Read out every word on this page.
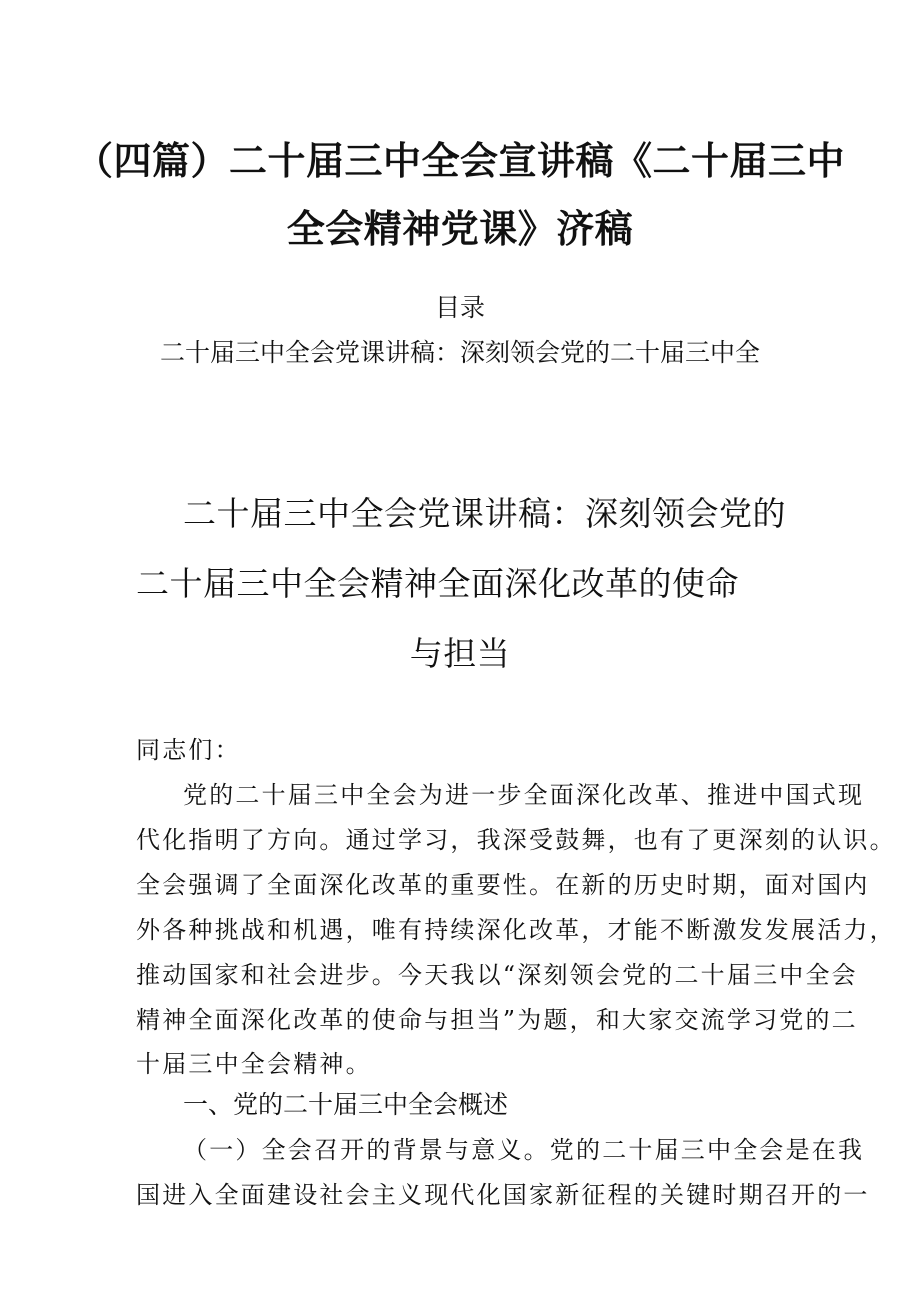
（四篇）二十届三中全会宣讲稿《二十届三中
全会精神党课》济稿
目录
二十届三中全会党课讲稿：深刻领会党的二十届三中全
二十届三中全会党课讲稿：深刻领会党的
二十届三中全会精神全面深化改革的使命
与担当
同志们：
党的二十届三中全会为进一步全面深化改革、推进中国式现
代化指明了方向。通过学习，我深受鼓舞，也有了更深刻的认识。
全会强调了全面深化改革的重要性。在新的历史时期，面对国内
外各种挑战和机遇，唯有持续深化改革，才能不断激发发展活力，
推动国家和社会进步。今天我以“深刻领会党的二十届三中全会
精神全面深化改革的使命与担当”为题，和大家交流学习党的二
十届三中全会精神。
一、党的二十届三中全会概述
（一）全会召开的背景与意义。党的二十届三中全会是在我
国进入全面建设社会主义现代化国家新征程的关键时期召开的一
